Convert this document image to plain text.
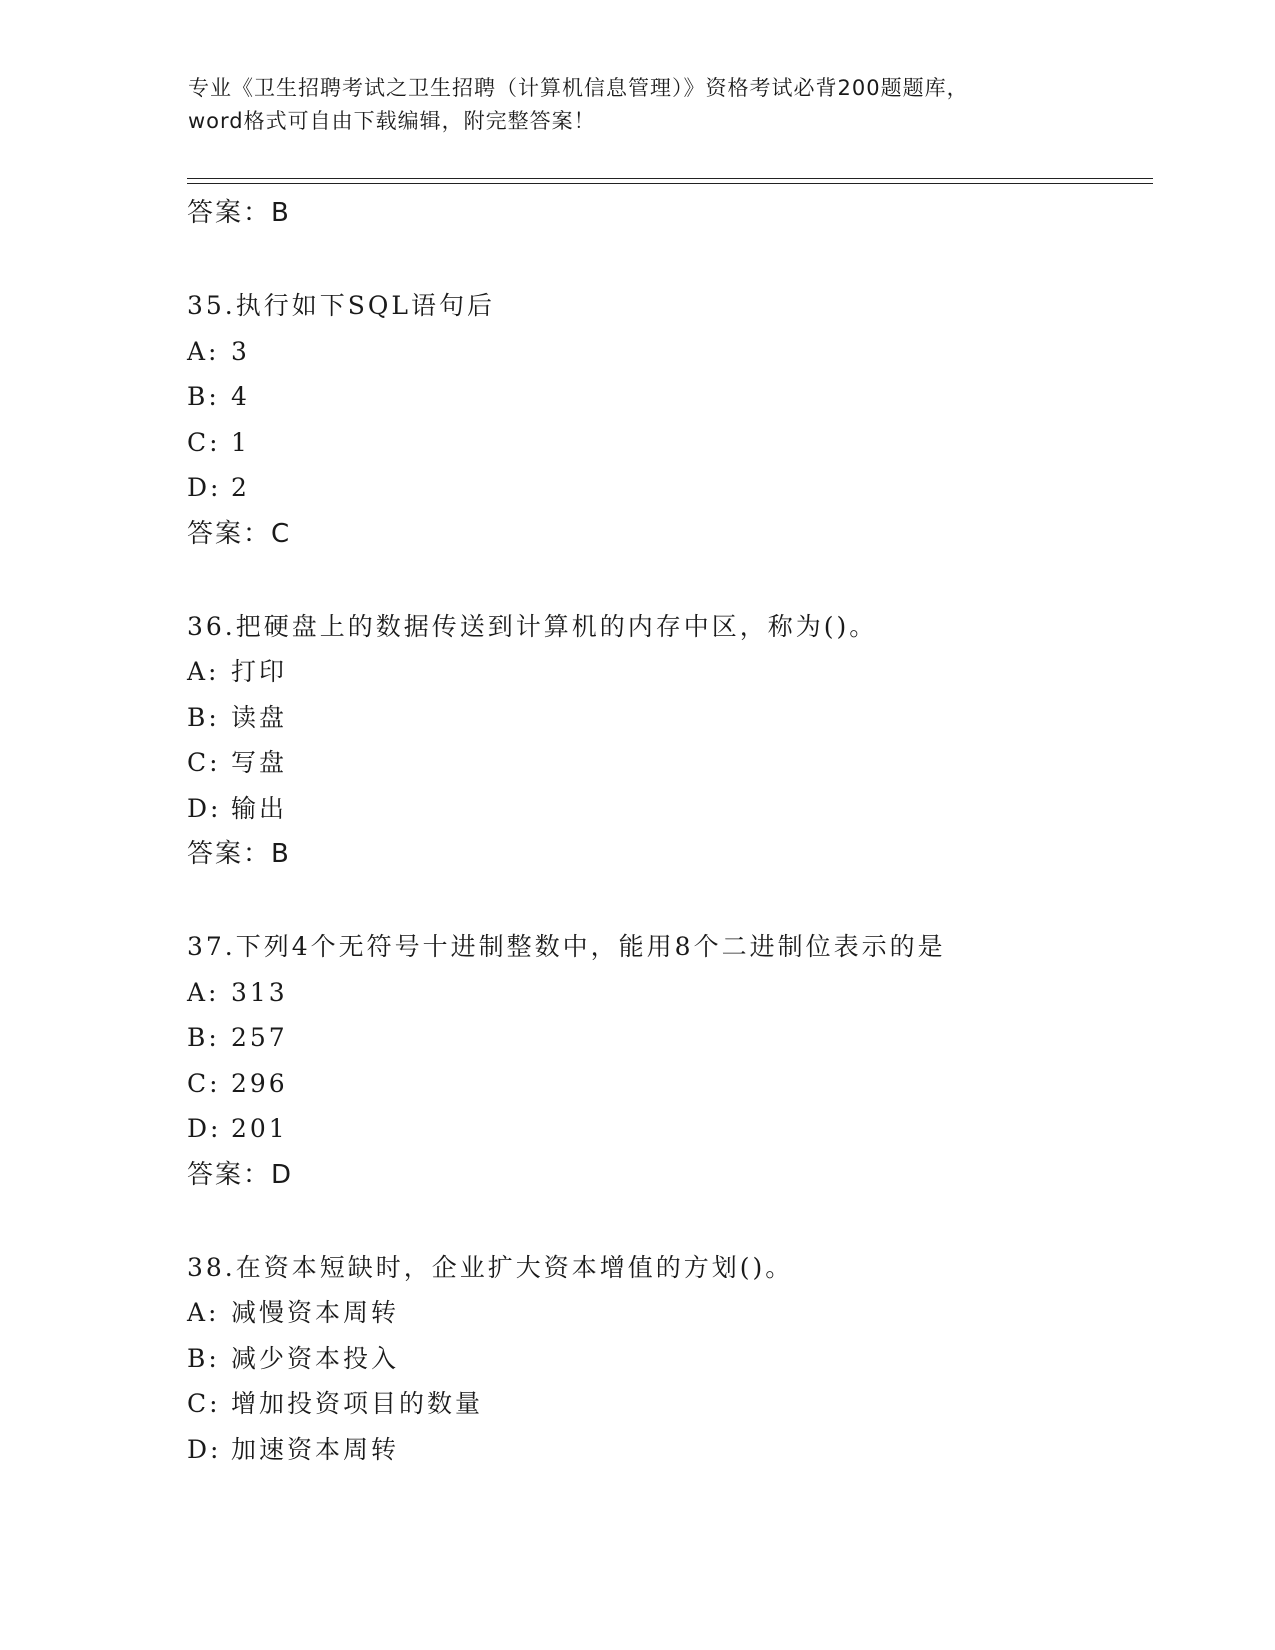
专业《卫生招聘考试之卫生招聘（计算机信息管理）》资格考试必背200题题库，
word格式可自由下载编辑，附完整答案！
答案：B
35.执行如下SQL语句后
A: 3
B: 4
C: 1
D: 2
答案：C
36.把硬盘上的数据传送到计算机的内存中区，称为()。
A: 打印
B: 读盘
C: 写盘
D: 输出
答案：B
37.下列4个无符号十进制整数中，能用8个二进制位表示的是
A: 313
B: 257
C: 296
D: 201
答案：D
38.在资本短缺时，企业扩大资本增值的方划()。
A: 减慢资本周转
B: 减少资本投入
C: 增加投资项目的数量
D: 加速资本周转
